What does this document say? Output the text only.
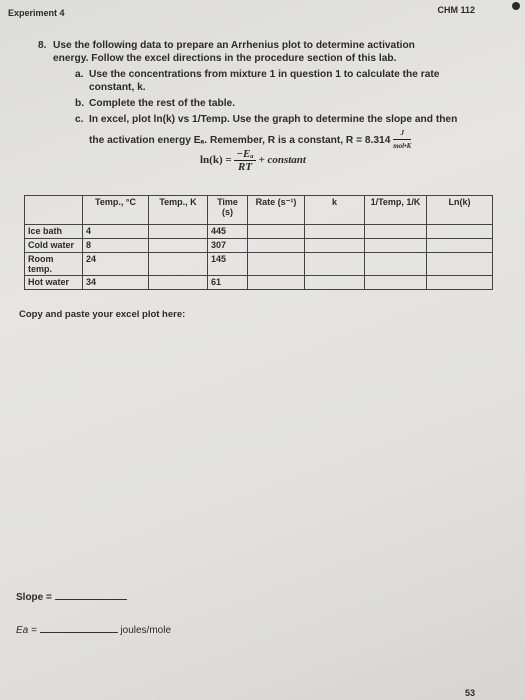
Experiment 4	CHM 112
8. Use the following data to prepare an Arrhenius plot to determine activation
energy. Follow the excel directions in the procedure section of this lab.
a. Use the concentrations from mixture 1 in question 1 to calculate the rate
constant, k.
b. Complete the rest of the table.
c. In excel, plot ln(k) vs 1/Temp. Use the graph to determine the slope and then
the activation energy Eₐ. Remember, R is a constant, $R = 8.314 \frac{J}{\text{mol•K}}$
$\ln(k) = \frac{\text{−Eₐ}}{RT}$ + constant
	Temp., °C	Temp., K	Time (s)	Rate (s⁻¹)	k	1/Temp, 1/K	Ln(k)
Ice bath	4		445				
Cold water	8		307				
Room temp.	24		145				
Hot water	34		61				
Copy and paste your excel plot here:
Slope =
Ea =	joules/mole
53
